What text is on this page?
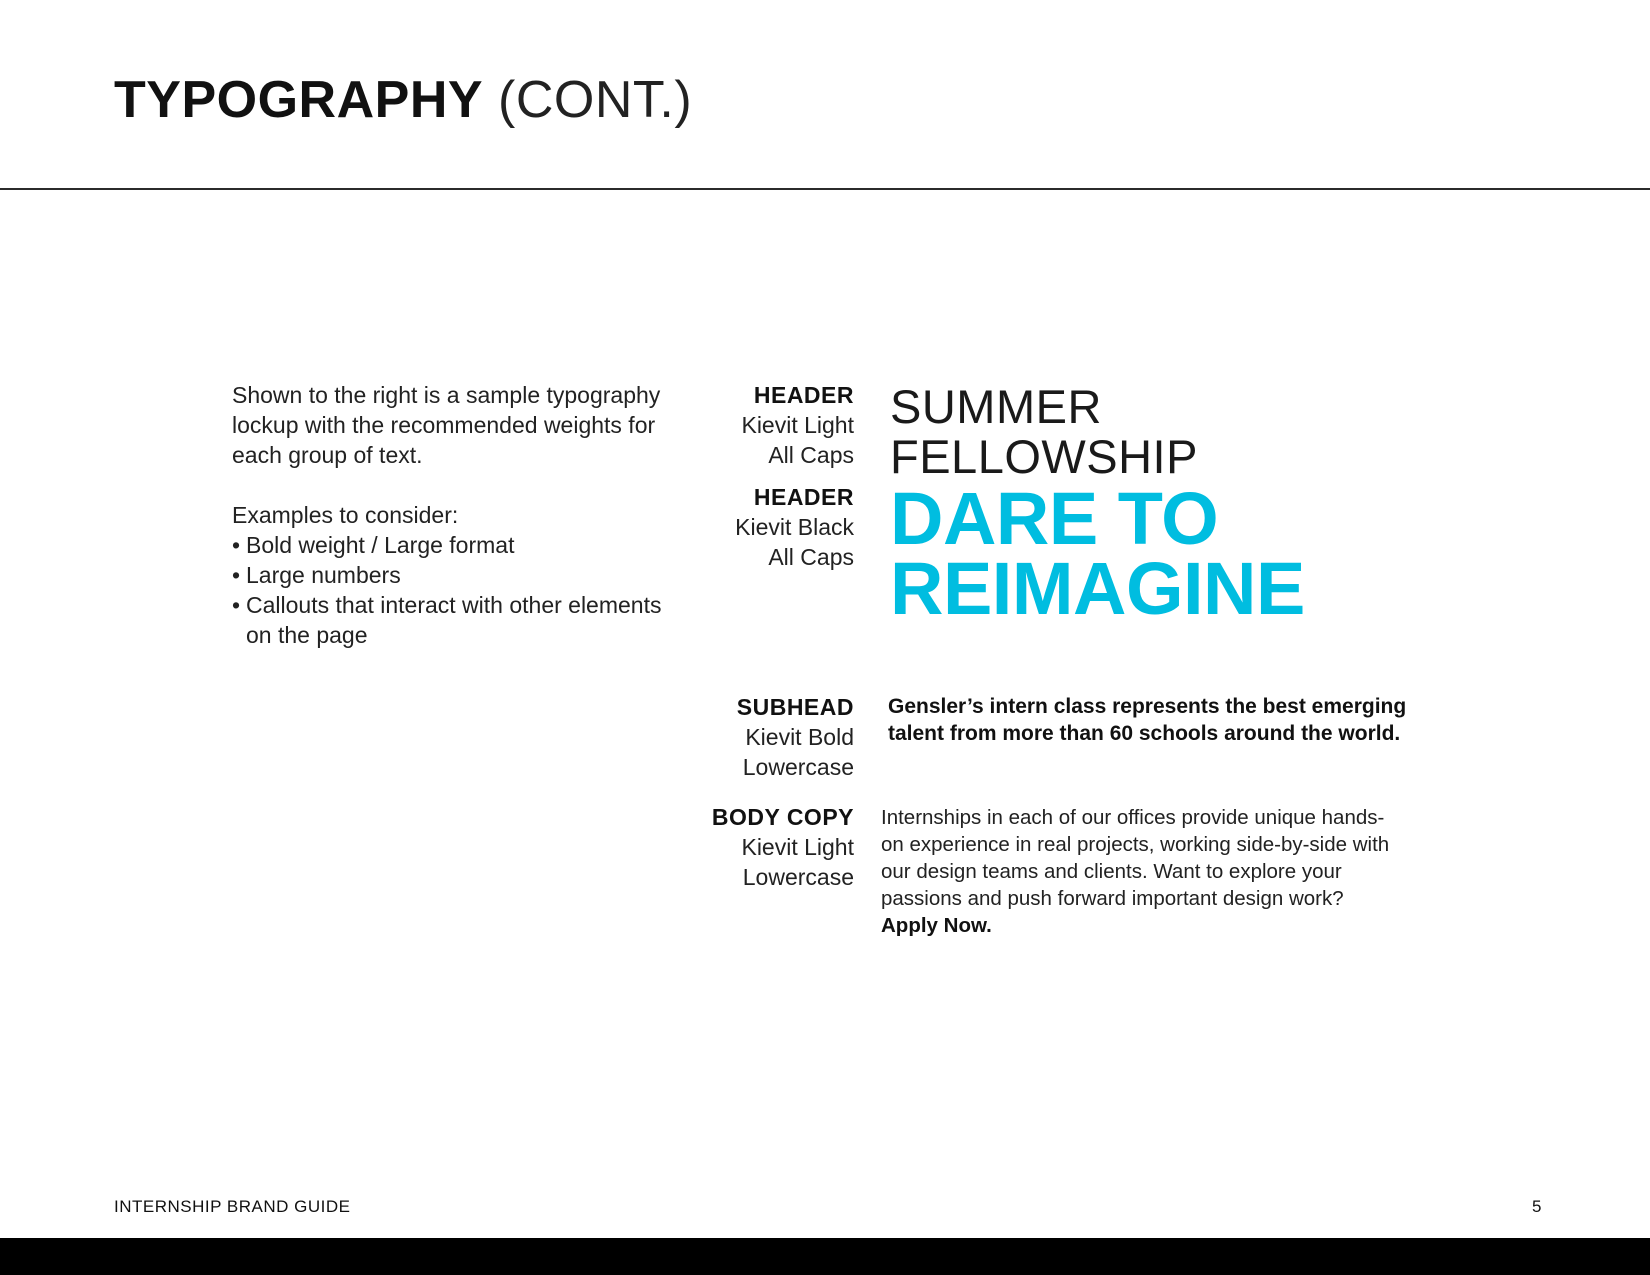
TYPOGRAPHY (CONT.)

Shown to the right is a sample typography lockup with the recommended weights for each group of text.

Examples to consider:

• Bold weight / Large format
• Large numbers
• Callouts that interact with other elements on the page
HEADER
Kievit Light
All Caps
HEADER
Kievit Black
All Caps
SUBHEAD
Kievit Bold
Lowercase
BODY COPY
Kievit Light
Lowercase
SUMMER
FELLOWSHIP
DARE TO
REIMAGINE

Gensler’s intern class represents the best emerging talent from more than 60 schools around the world.

Internships in each of our offices provide unique hands-on experience in real projects, working side-by-side with our design teams and clients. Want to explore your passions and push forward important design work?
Apply Now.

INTERNSHIP BRAND GUIDE	5
